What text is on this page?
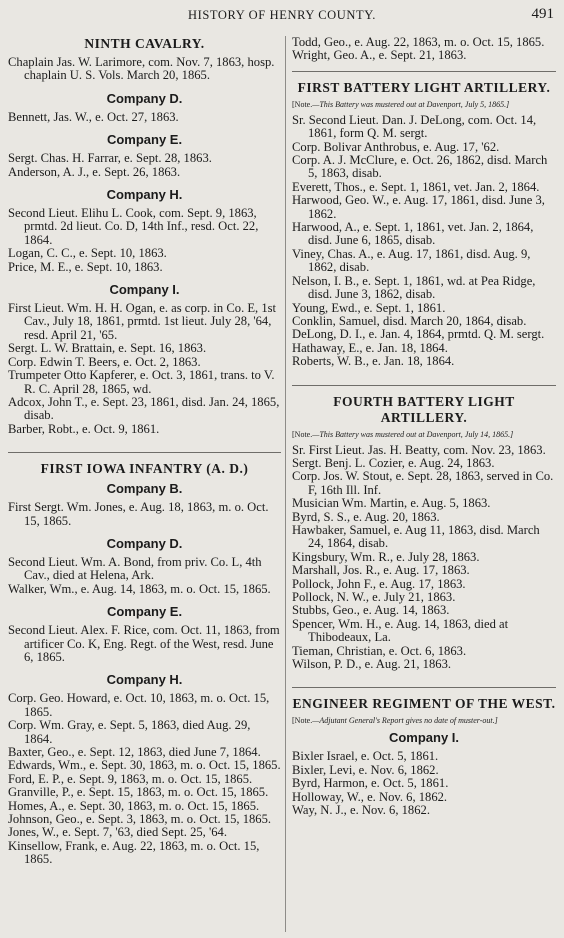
HISTORY OF HENRY COUNTY.	491
NINTH CAVALRY.

Chaplain Jas. W. Larimore, com. Nov. 7, 1863, hosp. chaplain U. S. Vols. March 20, 1865.

Company D.

Bennett, Jas. W., e. Oct. 27, 1863.

Company E.

Sergt. Chas. H. Farrar, e. Sept. 28, 1863.

Anderson, A. J., e. Sept. 26, 1863.

Company H.

Second Lieut. Elihu L. Cook, com. Sept. 9, 1863, prmtd. 2d lieut. Co. D, 14th Inf., resd. Oct. 22, 1864.

Logan, C. C., e. Sept. 10, 1863.

Price, M. E., e. Sept. 10, 1863.

Company I.

First Lieut. Wm. H. H. Ogan, e. as corp. in Co. E, 1st Cav., July 18, 1861, prmtd. 1st lieut. July 28, '64, resd. April 21, '65.

Sergt. L. W. Brattain, e. Sept. 16, 1863.

Corp. Edwin T. Beers, e. Oct. 2, 1863.

Trumpeter Otto Kapferer, e. Oct. 3, 1861, trans. to V. R. C. April 28, 1865, wd.

Adcox, John T., e. Sept. 23, 1861, disd. Jan. 24, 1865, disab.

Barber, Robt., e. Oct. 9, 1861.

FIRST IOWA INFANTRY (A. D.)
Company B.

First Sergt. Wm. Jones, e. Aug. 18, 1863, m. o. Oct. 15, 1865.

Company D.

Second Lieut. Wm. A. Bond, from priv. Co. L, 4th Cav., died at Helena, Ark.

Walker, Wm., e. Aug. 14, 1863, m. o. Oct. 15, 1865.

Company E.

Second Lieut. Alex. F. Rice, com. Oct. 11, 1863, from artificer Co. K, Eng. Regt. of the West, resd. June 6, 1865.

Company H.

Corp. Geo. Howard, e. Oct. 10, 1863, m. o. Oct. 15, 1865.

Corp. Wm. Gray, e. Sept. 5, 1863, died Aug. 29, 1864.

Baxter, Geo., e. Sept. 12, 1863, died June 7, 1864.

Edwards, Wm., e. Sept. 30, 1863, m. o. Oct. 15, 1865.

Ford, E. P., e. Sept. 9, 1863, m. o. Oct. 15, 1865.

Granville, P., e. Sept. 15, 1863, m. o. Oct. 15, 1865.

Homes, A., e. Sept. 30, 1863, m. o. Oct. 15, 1865.

Johnson, Geo., e. Sept. 3, 1863, m. o. Oct. 15, 1865.

Jones, W., e. Sept. 7, '63, died Sept. 25, '64.

Kinsellow, Frank, e. Aug. 22, 1863, m. o. Oct. 15, 1865.

Todd, Geo., e. Aug. 22, 1863, m. o. Oct. 15, 1865.

Wright, Geo. A., e. Sept. 21, 1863.

FIRST BATTERY LIGHT ARTILLERY.

[Note.—This Battery was mustered out at Davenport, July 5, 1865.]

Sr. Second Lieut. Dan. J. DeLong, com. Oct. 14, 1861, form Q. M. sergt.

Corp. Bolivar Anthrobus, e. Aug. 17, '62.

Corp. A. J. McClure, e. Oct. 26, 1862, disd. March 5, 1863, disab.

Everett, Thos., e. Sept. 1, 1861, vet. Jan. 2, 1864.

Harwood, Geo. W., e. Aug. 17, 1861, disd. June 3, 1862.

Harwood, A., e. Sept. 1, 1861, vet. Jan. 2, 1864, disd. June 6, 1865, disab.

Viney, Chas. A., e. Aug. 17, 1861, disd. Aug. 9, 1862, disab.

Nelson, I. B., e. Sept. 1, 1861, wd. at Pea Ridge, disd. June 3, 1862, disab.

Young, Ewd., e. Sept. 1, 1861.

Conklin, Samuel, disd. March 20, 1864, disab.

DeLong, D. I., e. Jan. 4, 1864, prmtd. Q. M. sergt.

Hathaway, E., e. Jan. 18, 1864.

Roberts, W. B., e. Jan. 18, 1864.

FOURTH BATTERY LIGHT ARTILLERY.

[Note.—This Battery was mustered out at Davenport, July 14, 1865.]

Sr. First Lieut. Jas. H. Beatty, com. Nov. 23, 1863.

Sergt. Benj. L. Cozier, e. Aug. 24, 1863.

Corp. Jos. W. Stout, e. Sept. 28, 1863, served in Co. F, 16th Ill. Inf.

Musician Wm. Martin, e. Aug. 5, 1863.

Byrd, S. S., e. Aug. 20, 1863.

Hawbaker, Samuel, e. Aug 11, 1863, disd. March 24, 1864, disab.

Kingsbury, Wm. R., e. July 28, 1863.

Marshall, Jos. R., e. Aug. 17, 1863.

Pollock, John F., e. Aug. 17, 1863.

Pollock, N. W., e. July 21, 1863.

Stubbs, Geo., e. Aug. 14, 1863.

Spencer, Wm. H., e. Aug. 14, 1863, died at Thibodeaux, La.

Tieman, Christian, e. Oct. 6, 1863.

Wilson, P. D., e. Aug. 21, 1863.

ENGINEER REGIMENT OF THE WEST.

[Note.—Adjutant General's Report gives no date of muster-out.]

Company I.

Bixler Israel, e. Oct. 5, 1861.

Bixler, Levi, e. Nov. 6, 1862.

Byrd, Harmon, e. Oct. 5, 1861.

Holloway, W., e. Nov. 6, 1862.

Way, N. J., e. Nov. 6, 1862.
